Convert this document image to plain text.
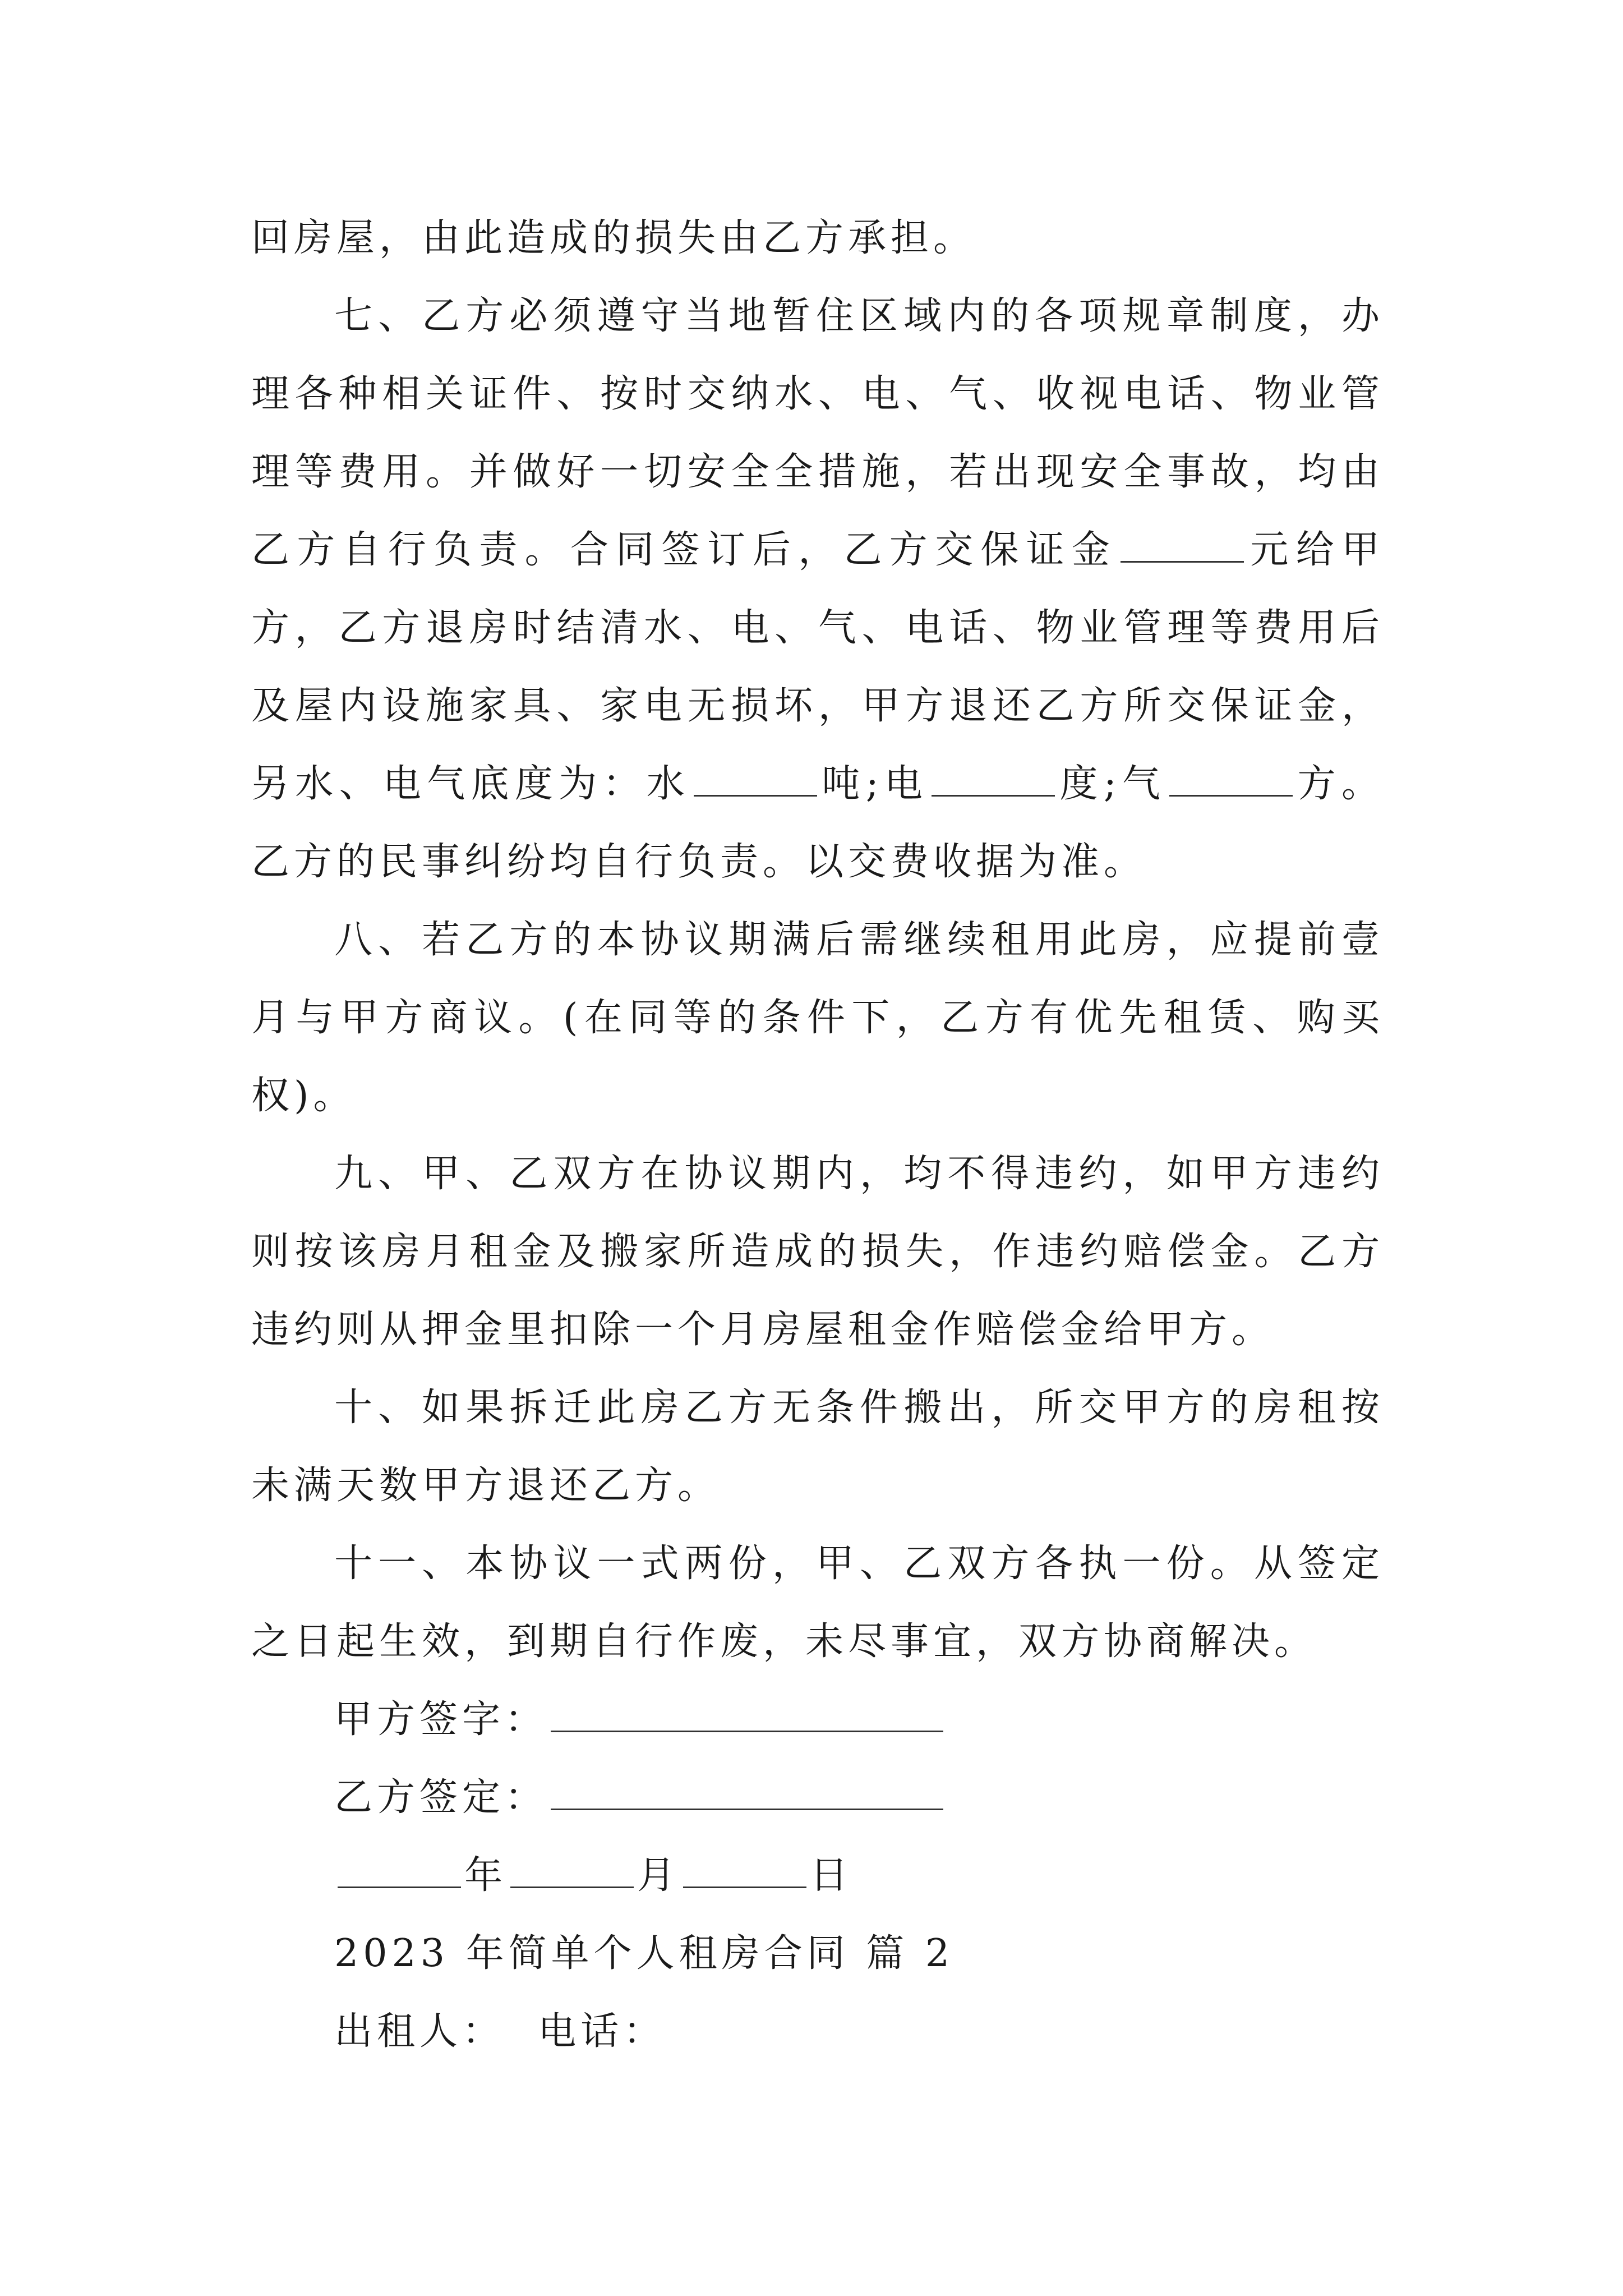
回房屋，由此造成的损失由乙方承担。

七、乙方必须遵守当地暂住区域内的各项规章制度，办理各种相关证件、按时交纳水、电、气、收视电话、物业管理等费用。并做好一切安全全措施，若出现安全事故，均由乙方自行负责。合同签订后，乙方交保证金	元给甲方，乙方退房时结清水、电、气、电话、物业管理等费用后及屋内设施家具、家电无损坏，甲方退还乙方所交保证金，另水、电气底度为：水	吨;电	度;气	方。乙方的民事纠纷均自行负责。以交费收据为准。

八、若乙方的本协议期满后需继续租用此房，应提前壹月与甲方商议。(在同等的条件下，乙方有优先租赁、购买权)。

九、甲、乙双方在协议期内，均不得违约，如甲方违约则按该房月租金及搬家所造成的损失，作违约赔偿金。乙方违约则从押金里扣除一个月房屋租金作赔偿金给甲方。

十、如果拆迁此房乙方无条件搬出，所交甲方的房租按未满天数甲方退还乙方。

十一、本协议一式两份，甲、乙双方各执一份。从签定之日起生效，到期自行作废，未尽事宜，双方协商解决。

甲方签字：

乙方签定：

年	月	日

2023 年简单个人租房合同 篇 2

出租人：  电话：
